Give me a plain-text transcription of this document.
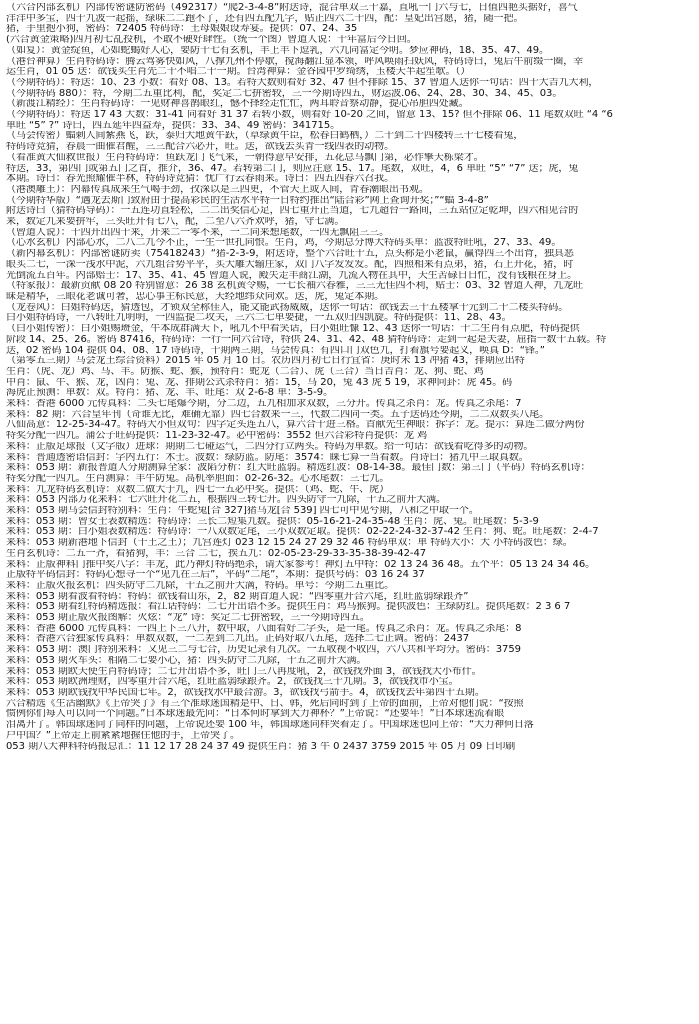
（六合内部玄机）内部传密谜防密码（492317）“爬2-3-4-8”附送诗，混合单双三十嘉，直吼一门六与七，日值四艳买据好，喜气
洋洋中多宝，四十九波一起摇，绿味二二跑不了，还有四五配九字，贴正四六二十四，配：皇妃出宫愿，猪，随一把。
猪，手里抱小狗，密码：72405 特码诗：王母娘娘设寿宴。提供：07、24、35
(六合黄金策略)四月初七乩投机，不敢不硬好肆性。（统一个图）曾道人说：十年富后今日回。
（如复）：黄金绽鱼，心如蛇蝎好人心，要防十七有玄机，羊上羊下逗乳，六九同富定今明。梦应神码，18、35、47、49。
（港台神算）生肖特码诗：腾云驾雾快如风，八撑九州不停歇，搅海翻江显本领，呼风唤雨扫妖风，特码诗曰，兔后牛前缀一圈，幸
运生肖，01 05 送：欲钱买生肖先二十不唱二十一期。台湾神算：金谷园中罗绮绣，玉楼天半起笙歌。（）
（今期特码）：特送：10、23 小数：看好 08、13。若特大数则看好 32、47 但不排除 15、37 曾道人送你一句话：四十大吉九大利，
（今期特码 880）：特，今期二五重比利，配，奖定二七拼密较，三一今期诗四五，财运波.06、24、28、30、34、45、03。
（新渡江精经）：生肖特码诗：一见财神喜鹊眼红，憾不择经走忙忙，两耳聆音察动静，提心吊胆四处藏。
（今期特码）：特送 17 43 大数：31-41 同看好 31 37 若转小数，则看好 10-20 之间，留意 13、15? 但不排除 06、11 尾数双旺 “4 “6
单旺 “5” ?” 诗曰，四五延年四益寿，提供：33、34、49 密码：341715。
（马会传密）蝠刺人间紫燕飞，跃，泰归大地黄牛跃，（草绿黄牛臣，松春白鹤栖，）二十到二十四楼转三十七楼看兔，
特码诗竞猜，春晨一曲催君醒，三三配合六必开，旺。送，欲钱去买青一线四表的动物。
（看准黄大仙救世报）生肖特码诗：鱼跃龙门飞气来，一朝得意早安排，五花总马飘门第，必作擎天栋梁才。
特送，33，第四门或第五门之首，推介，36、47。若转第二门，则应注意 15、17。尾数，双旺，4，6 单旺 “5” “7” 送；虎，兔
本期。诗曰：春光照耀催半林，特码诗竞猜：忧广行云春雨来。诗曰：四五四春六召我。
（港澳雕王）：内幕传真成来生气喝手劲，孜深以是三四更，不管天上或人间，青春潮眼出书观。
（今期特华版）“遇龙去斯门致府由于提高彩民的生活水平特一日特约推出“陆合彩”网上查询开奖；”“蝠 3-4-8”
附送诗曰（猜特码导码）：一五连功直轻松，二二出奖信心足，四七重开正当道，七九超台一路间，三五站位定乾坤，四六相见合的
来，数定九来要拼牢，三头旺开有七八，配，二至八六齐欢呼，猪，守七满。
（曾道人说）：十四开出四十来，开来二一零不来，一二同来想尾数，一四无飘阻三三。
（心水玄机）内部心水，二八二九今不正，一生一世扎同恨。生肖，鸡，今期总分博大特码买单：蓝波特旺吼，27、33、49。
（新内幕玄机）：内部密谜防卖（75418243）“猪-2-3-9，附送诗，整个六合旺十五，点头称是小老鼠，赢得四三不出背，独具恶
眼买二七，一深一浅水中泥，六九组合势平平，买大雕大输庄家，双门八字发发发。配，四照相来有点弟，猪，石上开花，猪，时
光倒流五百年。内部赔士：17、35、41、45 曾道人说，殿失走丰商江湖，九流入物在其中，天生苦碌日日忙，没有钱粮在身上。
（特家报）：最新贡献 08 20 特别留意：26 38 玄机黄令赐，一七长袖六春雅，三三无佳四不利，贴士：03、32 曾道人神，九龙旺
昧是精华，三眼花老诚可奢，忠心事主标民意，天经地纬众同欢。送，虎，兔定本期。
（龙卷风）：白姐特码送，猜透包，才锁双全称佳人，能文能武扬威威，送你一句话：欲钱去三十五楼拿十元到二十二楼买特码。
白小姐特码诗，一八转旺九明明，一四监提二攻关，三六二七单要捷，一五双归四凯旋。特码提供：11、28、43。
（白小姐传密）：白小姐赐瓒金，牛本成群满天下，吼九不中看笑话，白小姐旺慷 12、43 送你一句话：十二生肖有点肥，特码提供
阶段 14、25、26。密码 87416，特码诗：一行一向六合诗，特供 24、31、42、48 猜特码诗：走到一起是夫妻，屈指一数十五载。特
送，02 密码 104 提供 04、08、17 诗码诗，十期两三期，马会传真：有四口门双色九，打着旗号要起义，唤真 D：“锋。”
（第零五三期）马会龙王综合资料）2015 年 05 月 10 日。农历四月初七日行宜省：庚时未 13 冲猪 43，排期应出特
生肖：（虎、龙）鸡、马、羊。防猴、蛇、猴，预特肖：蛇龙（二合）、虎（三合）当日吉肖：龙、狗、蛇、鸡
中肖：鼠、牛、猴、龙，凶肖：兔、龙、排期公式杀特肖：猪：15，马 20，兔 43 虎 5 19，求神问卦：虎 45。码
海虎正预测：单数：双。特肖：猪、龙、羊、旺尾：双 2-6-8 单：3-5-9。
来料：香港 6000 元传真料：二头七尾爆今期，分二边，五九相加求双数，三分开。传真之杀肖：龙。传真之杀尾：7
来料：82 期：六合皇年刊（奇谁无比，难确无靠）四七合数来一三，代数二四同一类。五子送码还今期，二二双数买八尾。
八仙高意：12-25-34-47。特码大小但双句：四字定头连五八，算六合十进三格。首献先生神眼：拆字：龙。提示：算连二做分两份
特奖分配一四九。蒲公子旺码提供：11-23-32-47。必中密码：3552 但六合彩特肖提供：龙 鸡
来料：正版足球报（文字版）进球：期期二七碰运气，二四分行立两头。特码为单数。给一句话：欲钱看吃得多的动物。
来料：普通透密语信封：字内五行：木士。波数：绿防蓝。防尾：3574：睐七算一当看数。肖诗曰：猪九中三取真数。
来料：053 期：新报普道人分期测算全家：波陷分析：红大旺蓝弱。精选红波：08-14-38。最佳门数：第三门（平码）特码玄机诗：
特奖分配一四九。生肖测算：丰牛防兔。高机率胆面：02-26-32。心水尾数：三七九。
来料：九龙特码玄机诗：双数二做大于九，四七一五必中奖。提供：（鸡、蛇、牛、虎）
来料：053 内部万花来料：七六旺开花二五，根据四三转七开。四头防守一九除，十五之前开大满。
来料：053 期马会信封特别料：生肖：牛蛇兔[合 327]猪马龙[合 539] 四七可中见兮期，八和之中取一个。
来料：053 期：曾女士表数精选：特码诗：三长二短集九数。提供：05-16-21-24-35-48 生肖：虎、兔。旺尾数：5-3-9
来料：053 期：白小姐表数精选：特码诗：一八双数定尾，三小双数定取。提供：02-22-24-32-37-42 生肖：狗、蛇。旺尾数：2-4-7
来料：053 期新港地下信封（千王之王）；九宫莲灯 023 12 15 24 27 29 32 46 特码单双：单 特码大小：大 小特码波色：绿。
生肖玄机诗：二五一齐，看猪狗，丰：三合 二七，挨五九：02-05-23-29-33-35-38-39-42-47
来料：正版神料门推中奖八字：丰龙，此乃神灯特码绝杀，请大家参考！神灯五中特：02 13 24 36 48。五个平：05 13 24 34 46。
正版特平码信封：特码心想寻一个“见九在三后”，平码“二尾”，本期：提供号码：03 16 24 37
来料：正版火报玄机：四头防守二九除，十五之前开大满，特码。单号：今期二五重比。
来料：053 期看波看特码：特码：欲钱看山东，2，82 期首道人说：“四零重开合六尾，红旺蓝弱绿跟齐”
来料：053 期看红特码精选报：看江话特码：二七开出语不多。提供生肖：鸡马猴狗。提供波色：主绿防红。提供尾数：2 3 6 7
来料：053 期正版火报图解：火炫：“龙” 诗：奖定二七拼密较，三一今期诗四五。
来料：香港 6000 元传真料：一四上下三八开，数中取，八面看好二字头，是一尾。传真之杀肖：龙。传真之杀尾：8
来料：香港六合独家传真料：单数双数，一二差到二九出。正码好取八五尾，选择二七正调。密码：2437
来料：053 期：澳门特别来料：又见三二与七合，历史记录有九次。一五收视不收四，六八共和平均分。密码：3759
来料：053 期火车头：相隔二七要小心，猪：四头防守二九除，十五之前开大满。
来料：053 期欧天使生肖特码诗；二七开出语不多，旺门三八再度吼，2，欲钱找外面 3，欲钱找大小布什。
来料：053 期欧洲理财，四零重开合六尾，红旺蓝弱绿跟齐。2，欲钱找三十九期。3，欲钱找市小宝。
来料：053 期欧钱找中华民国七年。2，欲钱找水中最合游。3，欲钱找弓箭手。4，欲钱找去年第四十五期。
六合精选《生活幽默》《上帝哭了》有三个准球迷国精是中、日、韩，死后同时到了上帝的面前，上帝对他们说：“按照
惯例你们每人可以问一个问题。”日本球迷最先问：“日本何时拿到大力神杯？”上帝说：“还要年！”日本球迷流着眼
泪离开了。韩国球迷问了同样的问题，上帝说还要 100 年，韩国球迷同样哭着走了。中国球迷也问上帝：“大力神何日落
户中国？”上帝走上前紧紧地握住他的手，上帝哭了。
053 期八大神料特码报总汇：11 12 17 28 24 37 49 提供生肖：猪 3 牛 0 2437 3759 2015 年 05 月 09 日印刷
